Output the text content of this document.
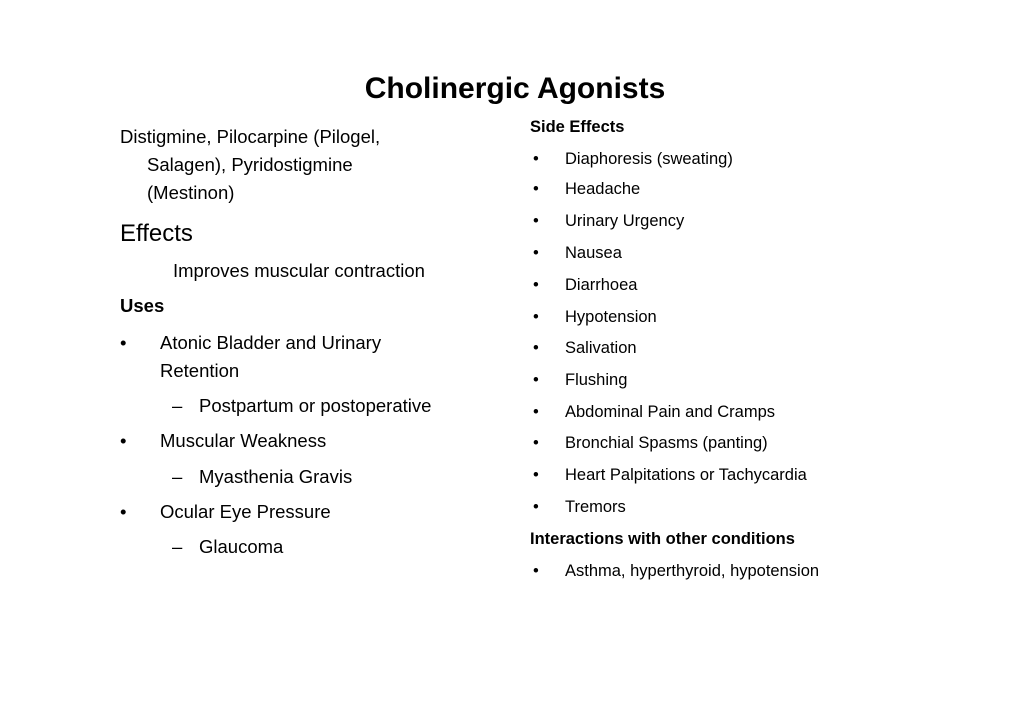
Cholinergic Agonists
Distigmine, Pilocarpine (Pilogel,
Salagen), Pyridostigmine
(Mestinon)
Effects
Improves muscular contraction
Uses
• Atonic Bladder and Urinary
Retention
– Postpartum or postoperative
• Muscular Weakness
– Myasthenia Gravis
• Ocular Eye Pressure
– Glaucoma
Side Effects
• Diaphoresis (sweating)
• Headache
• Urinary Urgency
• Nausea
• Diarrhoea
• Hypotension
• Salivation
• Flushing
• Abdominal Pain and Cramps
• Bronchial Spasms (panting)
• Heart Palpitations or Tachycardia
• Tremors
Interactions with other conditions
• Asthma, hyperthyroid, hypotension
